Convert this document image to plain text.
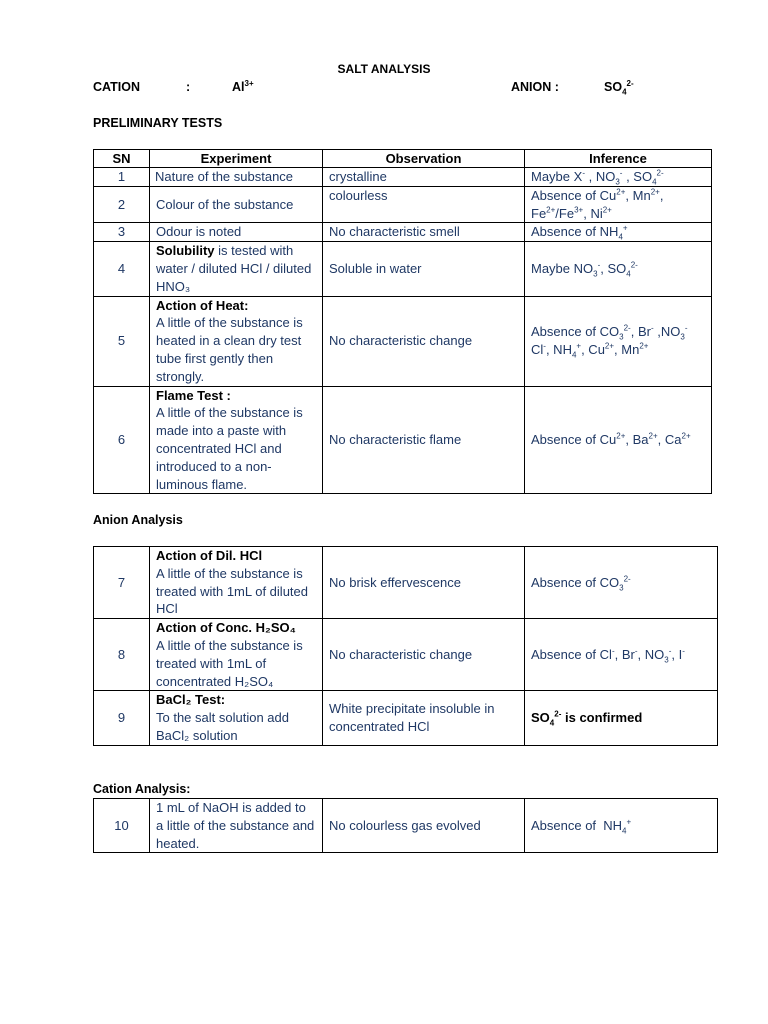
SALT ANALYSIS
CATION	:	$Al^{3+}$	ANION :	$SO_4^{2-}$
PRELIMINARY TESTS
SN	Experiment	Observation	Inference
1	Nature of the substance	crystalline	Maybe X- , $NO_3^-$ , $SO_4^{2-}$
2	Colour of the substance	colourless	Absence of $Cu^{2+}$, $Mn^{2+}$,
$Fe^{2+}/Fe^{3+}$, $Ni^{2+}$
3	Odour is noted	No characteristic smell	Absence of $NH_4^+$
4	Solubility is tested with water / diluted HCl / diluted HNO₃	Soluble in water	Maybe $NO_3^-$, $SO_4^{2-}$
5	Action of Heat:
A little of the substance is heated in a clean dry test tube first gently then strongly.	No characteristic change	Absence of $CO_3^{2-}$, Br- $,NO_3^-$
Cl-, $NH_4^+$, $Cu^{2+}$, $Mn^{2+}$
6	Flame Test :
A little of the substance is made into a paste with concentrated HCl and introduced to a non-luminous flame.	No characteristic flame	Absence of $Cu^{2+}$, $Ba^{2+}$, $Ca^{2+}$
Anion Analysis
7	Action of Dil. HCl
A little of the substance is treated with 1mL of diluted HCl	No brisk effervescence	Absence of $CO_3^{2-}$
8	Action of Conc. H₂SO₄
A little of the substance is treated with 1mL of concentrated H₂SO₄	No characteristic change	Absence of Cl-, Br-, $NO_3^-$, I-
9	BaCl₂ Test:
To the salt solution add BaCl₂ solution	White precipitate insoluble in concentrated HCl	$SO_4^{2-}$ is confirmed
Cation Analysis:
10	1 mL of NaOH is added to a little of the substance and heated.	No colourless gas evolved	Absence of  $NH_4^+$
